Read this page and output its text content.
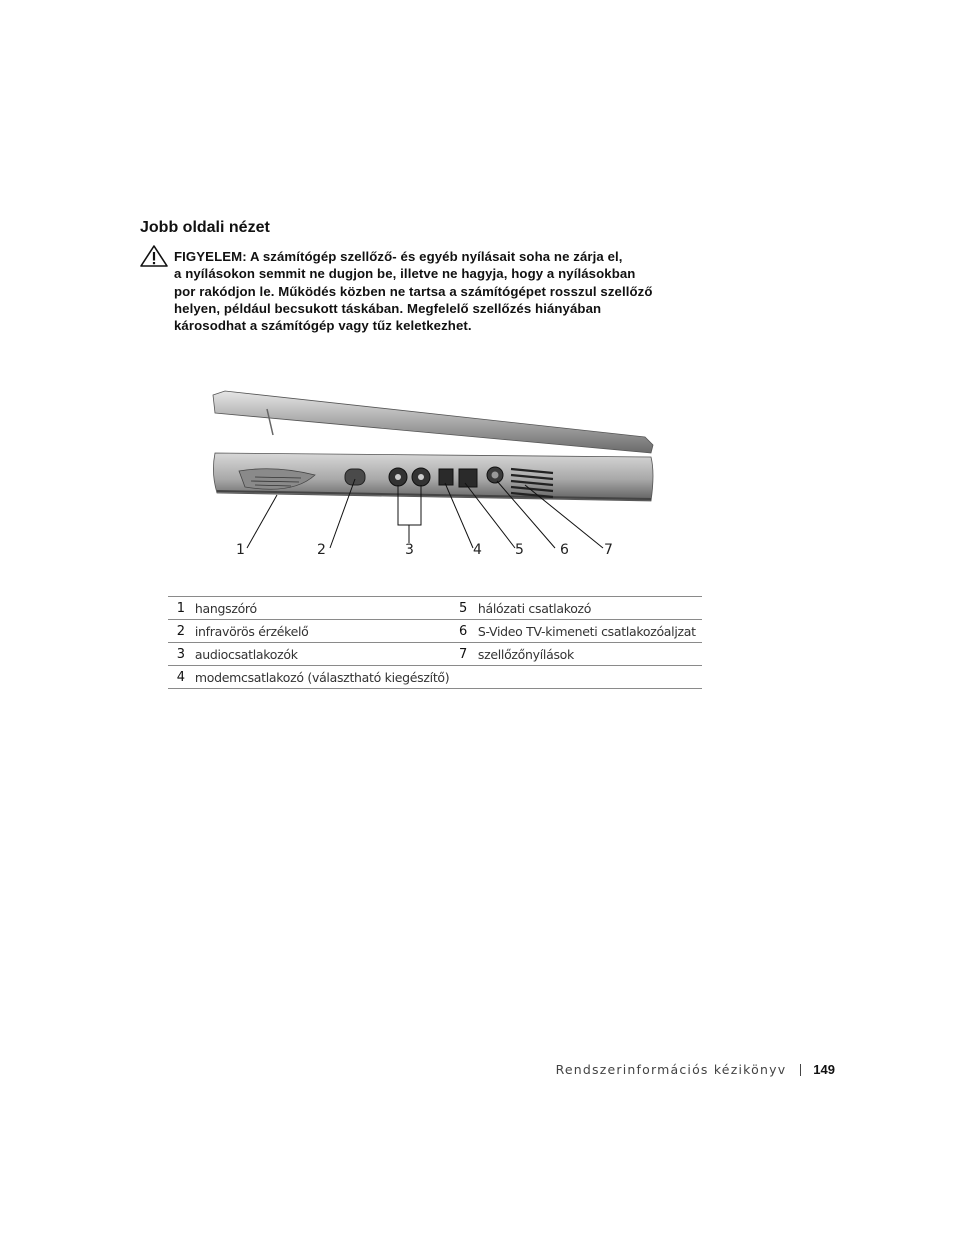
Jobb oldali nézet
FIGYELEM: A számítógép szellőző- és egyéb nyílásait soha ne zárja el,
a nyílásokon semmit ne dugjon be, illetve ne hagyja, hogy a nyílásokban
por rakódjon le. Működés közben ne tartsa a számítógépet rosszul szellőző
helyen, például becsukott táskában. Megfelelő szellőzés hiányában
károsodhat a számítógép vagy tűz keletkezhet.
1	2	3	4 5	6	7
1	hangszóró	5	hálózati csatlakozó
2	infravörös érzékelő	6	S-Video TV-kimeneti csatlakozóaljzat
3	audiocsatlakozók	7	szellőzőnyílások
4	modemcsatlakozó (választható kiegészítő)		
Rendszerinformációs kézikönyv 149
